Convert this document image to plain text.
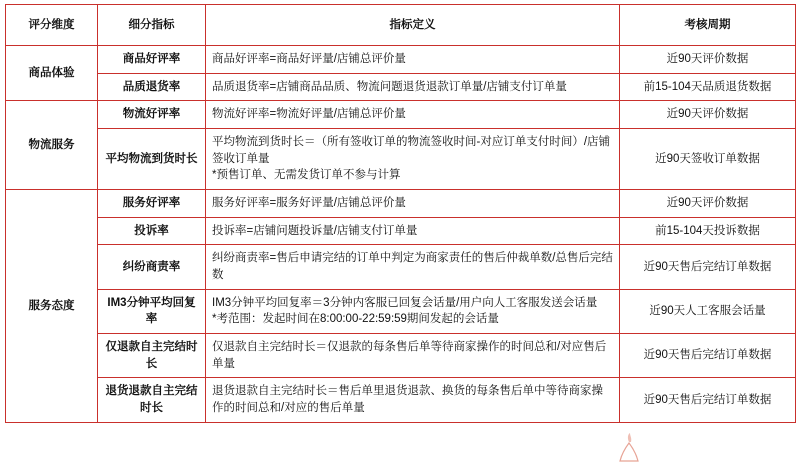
评分维度	细分指标	指标定义	考核周期
商品体验	商品好评率	商品好评率=商品好评量/店铺总评价量	近90天评价数据
	品质退货率	品质退货率=店铺商品品质、物流问题退货退款订单量/店铺支付订单量	前15-104天品质退货数据
物流服务	物流好评率	物流好评率=物流好评量/店铺总评价量	近90天评价数据
	平均物流到货时长	平均物流到货时长＝（所有签收订单的物流签收时间-对应订单支付时间）/店铺签收订单量
*预售订单、无需发货订单不参与计算	近90天签收订单数据
服务态度	服务好评率	服务好评率=服务好评量/店铺总评价量	近90天评价数据
	投诉率	投诉率=店铺问题投诉量/店铺支付订单量	前15-104天投诉数据
	纠纷商责率	纠纷商责率=售后申请完结的订单中判定为商家责任的售后仲裁单数/总售后完结数	近90天售后完结订单数据
	IM3分钟平均回复率	IM3分钟平均回复率＝3分钟内客服已回复会话量/用户向人工客服发送会话量
*考范围：发起时间在8:00:00-22:59:59期间发起的会话量	近90天人工客服会话量
	仅退款自主完结时长	仅退款自主完结时长＝仅退款的每条售后单等待商家操作的时间总和/对应售后单量	近90天售后完结订单数据
	退货退款自主完结时长	退货退款自主完结时长＝售后单里退货退款、换货的每条售后单中等待商家操作的时间总和/对应的售后单量	近90天售后完结订单数据
